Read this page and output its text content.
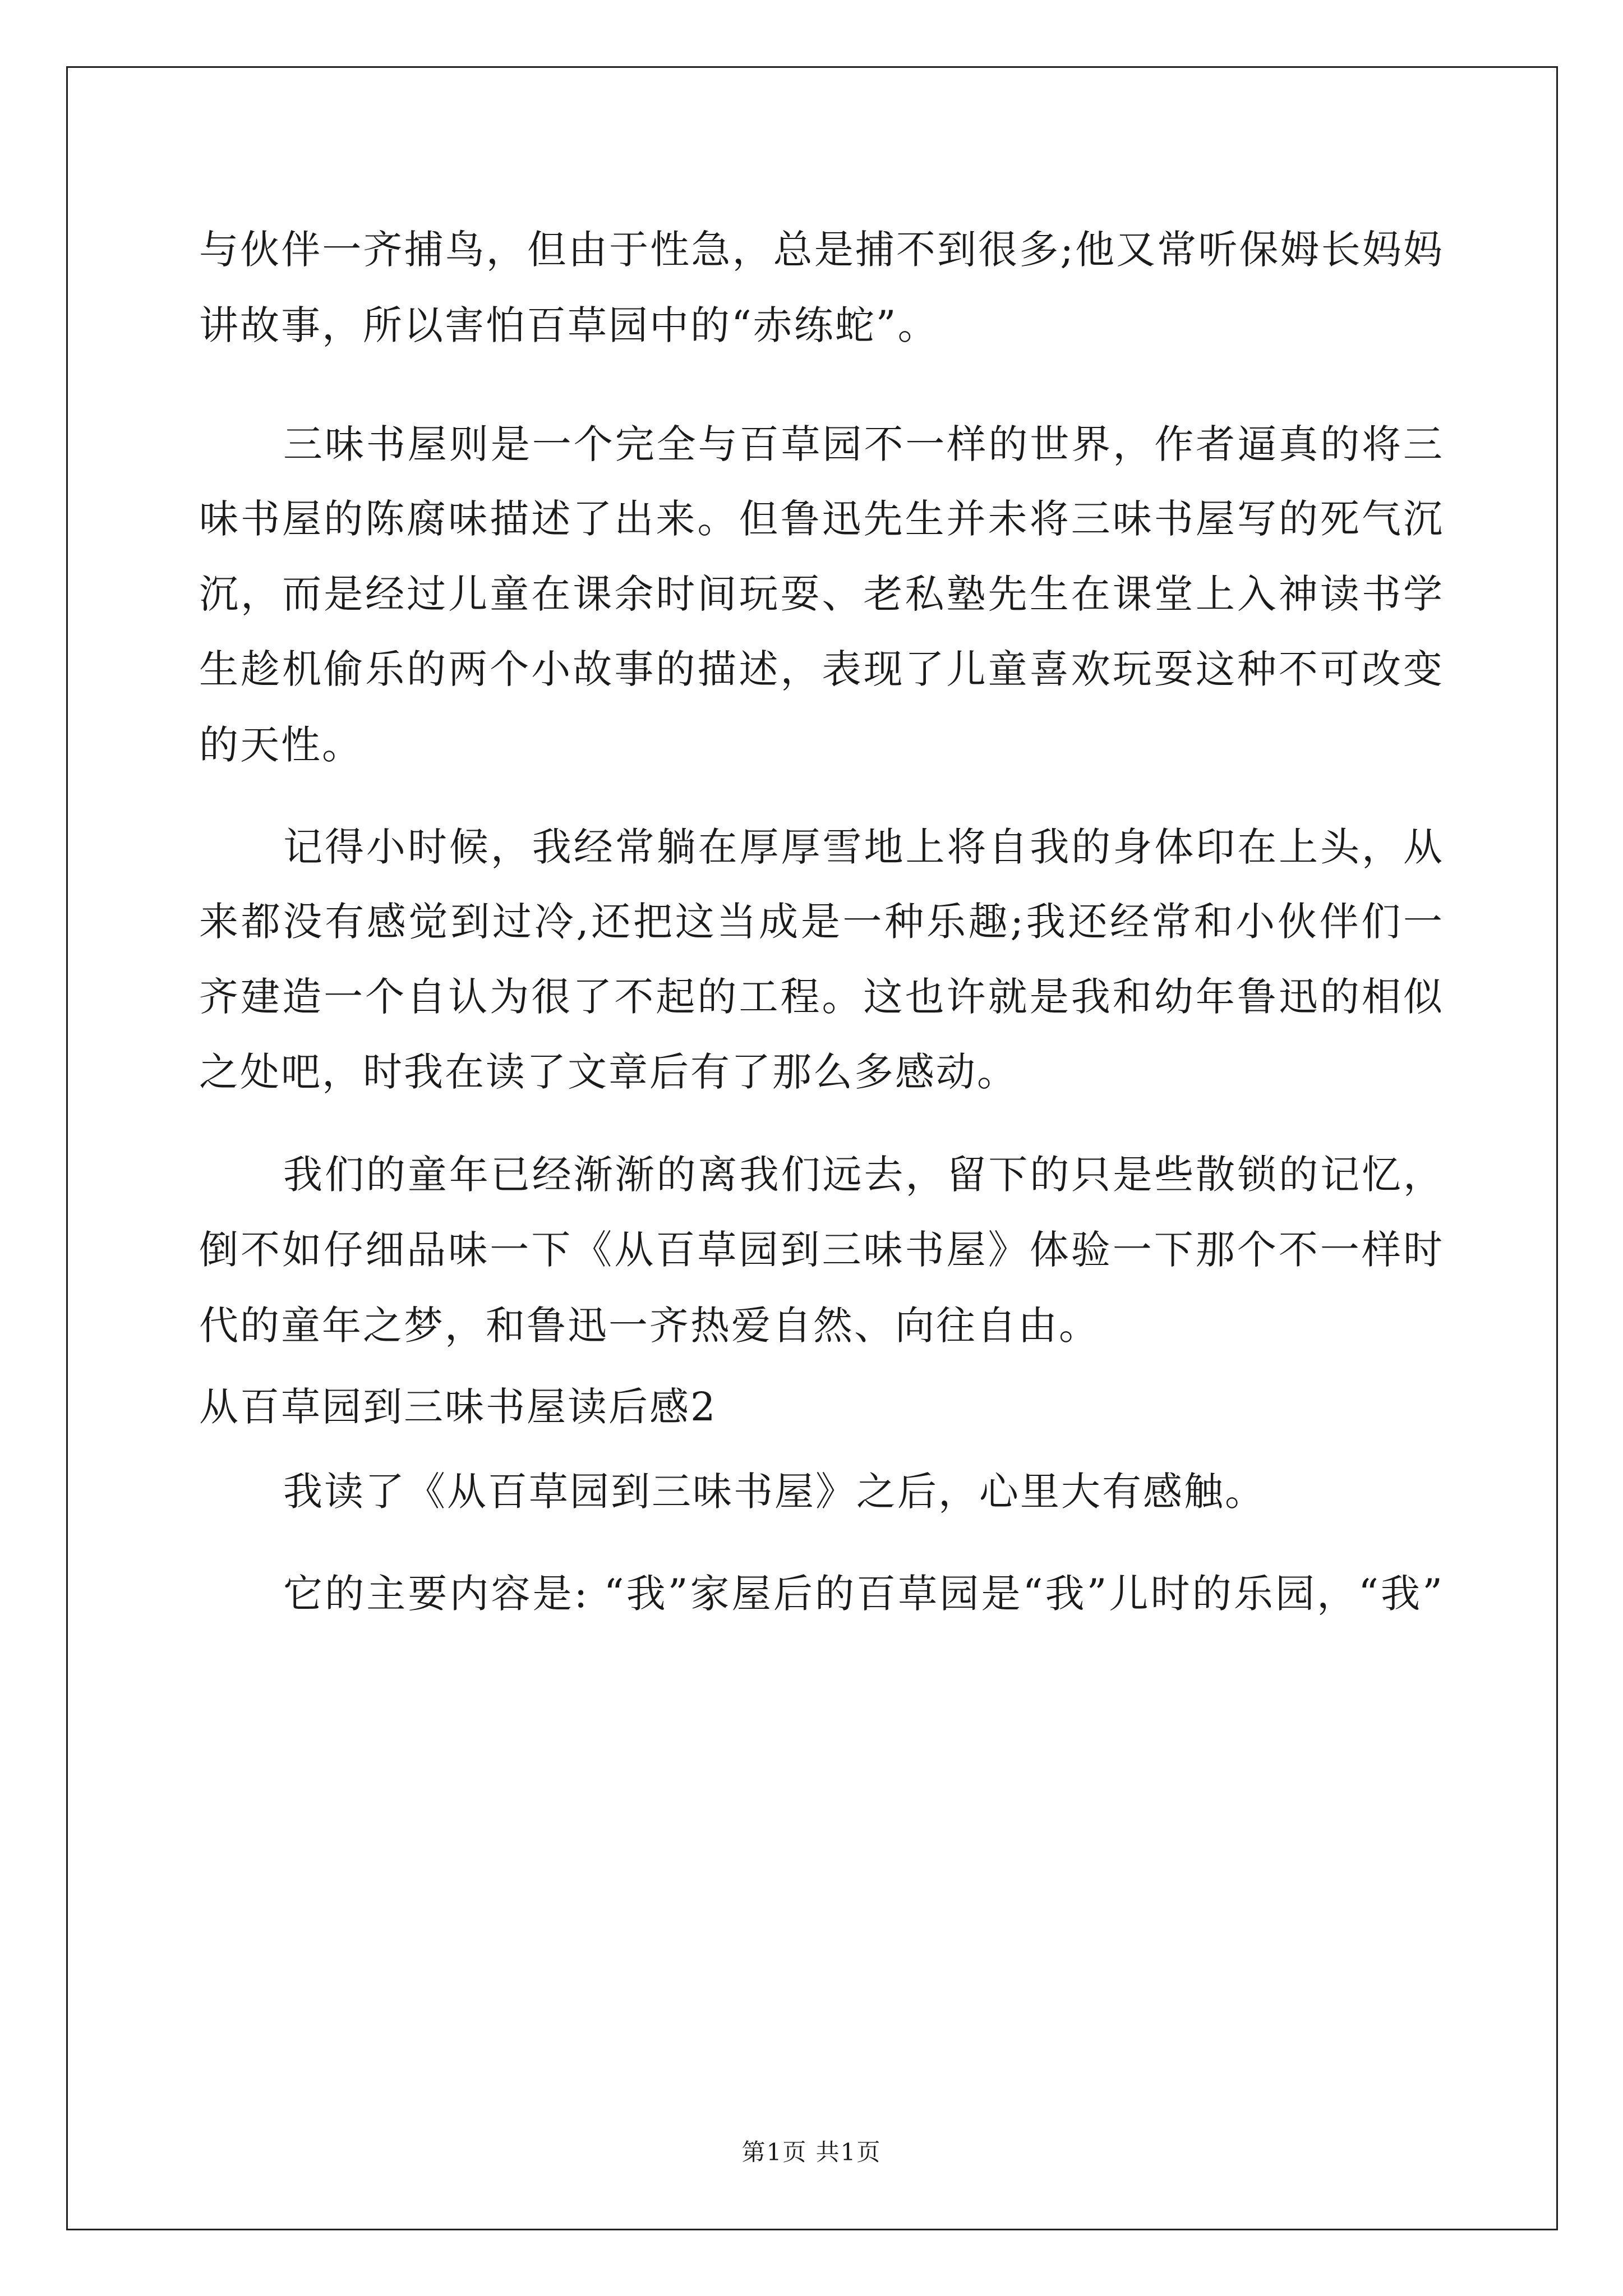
与伙伴一齐捕鸟，但由于性急，总是捕不到很多;他又常听保姆长妈妈
讲故事，所以害怕百草园中的“赤练蛇”。
三味书屋则是一个完全与百草园不一样的世界，作者逼真的将三
味书屋的陈腐味描述了出来。但鲁迅先生并未将三味书屋写的死气沉
沉，而是经过儿童在课余时间玩耍、老私塾先生在课堂上入神读书学
生趁机偷乐的两个小故事的描述，表现了儿童喜欢玩耍这种不可改变
的天性。
记得小时候，我经常躺在厚厚雪地上将自我的身体印在上头，从
来都没有感觉到过冷,还把这当成是一种乐趣;我还经常和小伙伴们一
齐建造一个自认为很了不起的工程。这也许就是我和幼年鲁迅的相似
之处吧，时我在读了文章后有了那么多感动。
我们的童年已经渐渐的离我们远去，留下的只是些散锁的记忆，
倒不如仔细品味一下《从百草园到三味书屋》体验一下那个不一样时
代的童年之梦，和鲁迅一齐热爱自然、向往自由。
从百草园到三味书屋读后感2
我读了《从百草园到三味书屋》之后，心里大有感触。
它的主要内容是: “我”家屋后的百草园是“我”儿时的乐园，“我”
第1页 共1页
